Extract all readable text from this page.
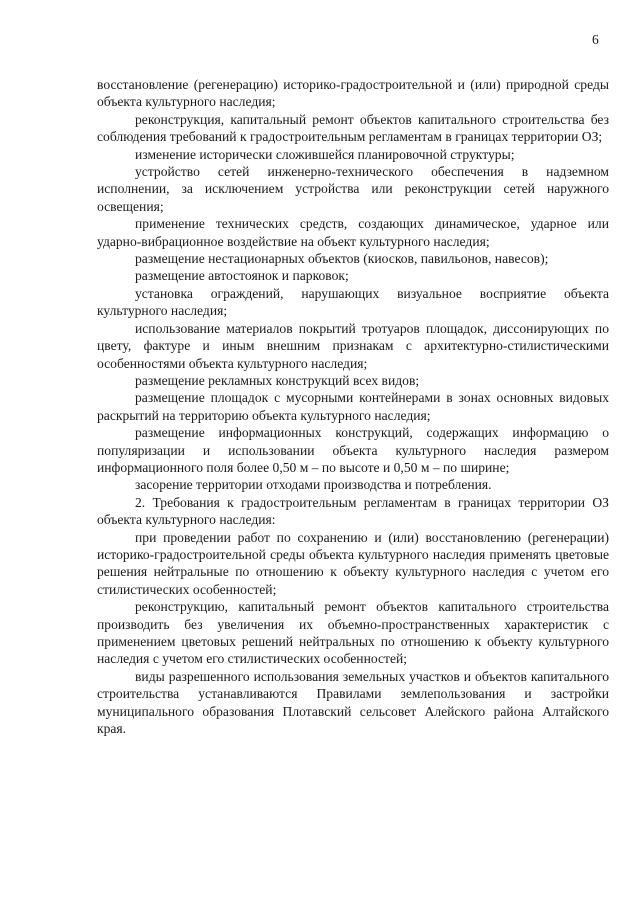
6

восстановление (регенерацию) историко-градостроительной и (или) природной среды объекта культурного наследия;

реконструкция, капитальный ремонт объектов капитального строительства без соблюдения требований к градостроительным регламентам в границах территории ОЗ;

изменение исторически сложившейся планировочной структуры;

устройство сетей инженерно-технического обеспечения в надземном исполнении, за исключением устройства или реконструкции сетей наружного освещения;

применение технических средств, создающих динамическое, ударное или ударно-вибрационное воздействие на объект культурного наследия;

размещение нестационарных объектов (киосков, павильонов, навесов);

размещение автостоянок и парковок;

установка ограждений, нарушающих визуальное восприятие объекта культурного наследия;

использование материалов покрытий тротуаров площадок, диссонирующих по цвету, фактуре и иным внешним признакам с архитектурно-стилистическими особенностями объекта культурного наследия;

размещение рекламных конструкций всех видов;

размещение площадок с мусорными контейнерами в зонах основных видовых раскрытий на территорию объекта культурного наследия;

размещение информационных конструкций, содержащих информацию о популяризации и использовании объекта культурного наследия размером информационного поля более 0,50 м – по высоте и 0,50 м – по ширине;

засорение территории отходами производства и потребления.

2. Требования к градостроительным регламентам в границах территории ОЗ объекта культурного наследия:

при проведении работ по сохранению и (или) восстановлению (регенерации) историко-градостроительной среды объекта культурного наследия применять цветовые решения нейтральные по отношению к объекту культурного наследия с учетом его стилистических особенностей;

реконструкцию, капитальный ремонт объектов капитального строительства производить без увеличения их объемно-пространственных характеристик с применением цветовых решений нейтральных по отношению к объекту культурного наследия с учетом его стилистических особенностей;

виды разрешенного использования земельных участков и объектов капитального строительства устанавливаются Правилами землепользования и застройки муниципального образования Плотавский сельсовет Алейского района Алтайского края.
